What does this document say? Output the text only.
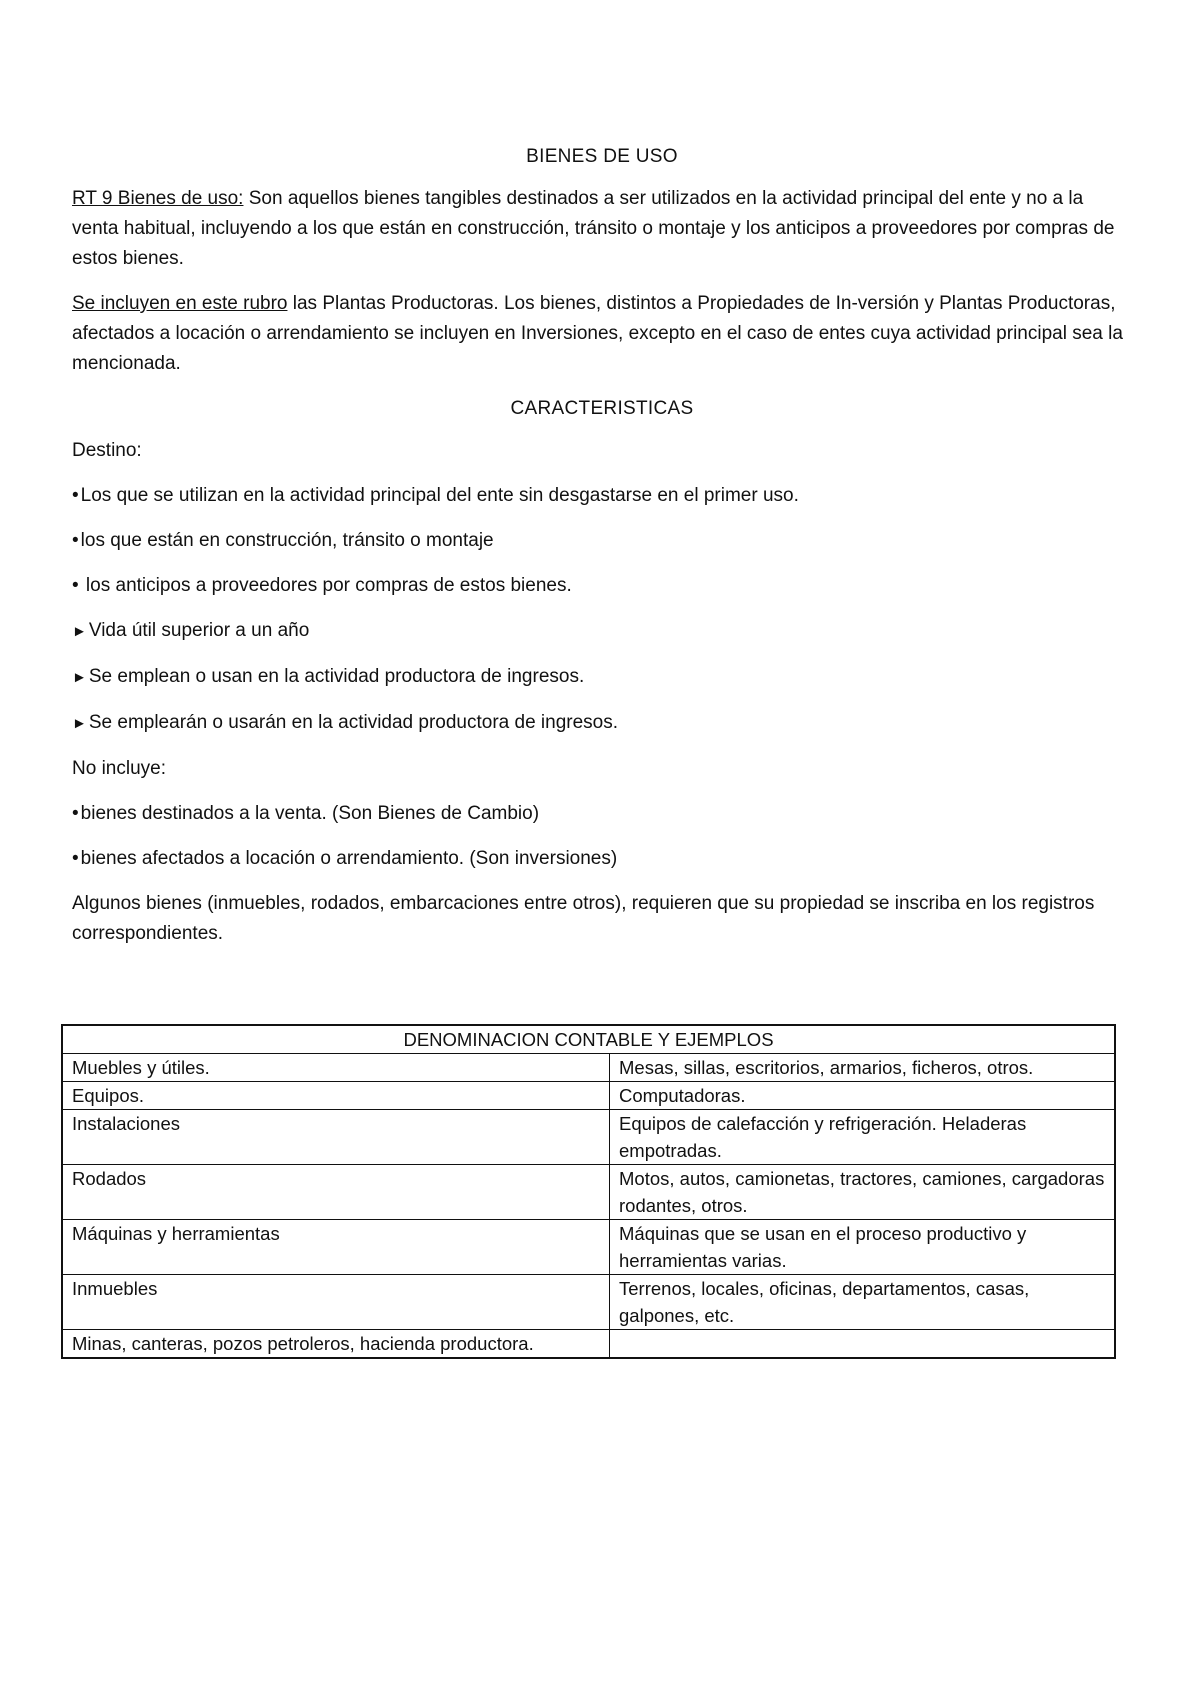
BIENES DE USO

RT 9 Bienes de uso: Son aquellos bienes tangibles destinados a ser utilizados en la actividad principal del ente y no a la venta habitual, incluyendo a los que están en construcción, tránsito o montaje y los anticipos a proveedores por compras de estos bienes.

Se incluyen en este rubro las Plantas Productoras. Los bienes, distintos a Propiedades de In-versión y Plantas Productoras, afectados a locación o arrendamiento se incluyen en Inversiones, excepto en el caso de entes cuya actividad principal sea la mencionada.

CARACTERISTICAS

Destino:

• Los que se utilizan en la actividad principal del ente sin desgastarse en el primer uso.
• los que están en construcción, tránsito o montaje
• los anticipos a proveedores por compras de estos bienes.
► Vida útil superior a un año
► Se emplean o usan en la actividad productora de ingresos.
► Se emplearán o usarán en la actividad productora de ingresos.

No incluye:

• bienes destinados a la venta. (Son Bienes de Cambio)
• bienes afectados a locación o arrendamiento. (Son inversiones)

Algunos bienes (inmuebles, rodados, embarcaciones entre otros), requieren que su propiedad se inscriba en los registros correspondientes.

DENOMINACION CONTABLE Y EJEMPLOS	
Muebles y útiles.	Mesas, sillas, escritorios, armarios, ficheros, otros.
Equipos.	Computadoras.
Instalaciones	Equipos de calefacción y refrigeración. Heladeras empotradas.
Rodados	Motos, autos, camionetas, tractores, camiones, cargadoras rodantes, otros.
Máquinas y herramientas	Máquinas que se usan en el proceso productivo y herramientas varias.
Inmuebles	Terrenos, locales, oficinas, departamentos, casas, galpones, etc.
Minas, canteras, pozos petroleros, hacienda productora.	
